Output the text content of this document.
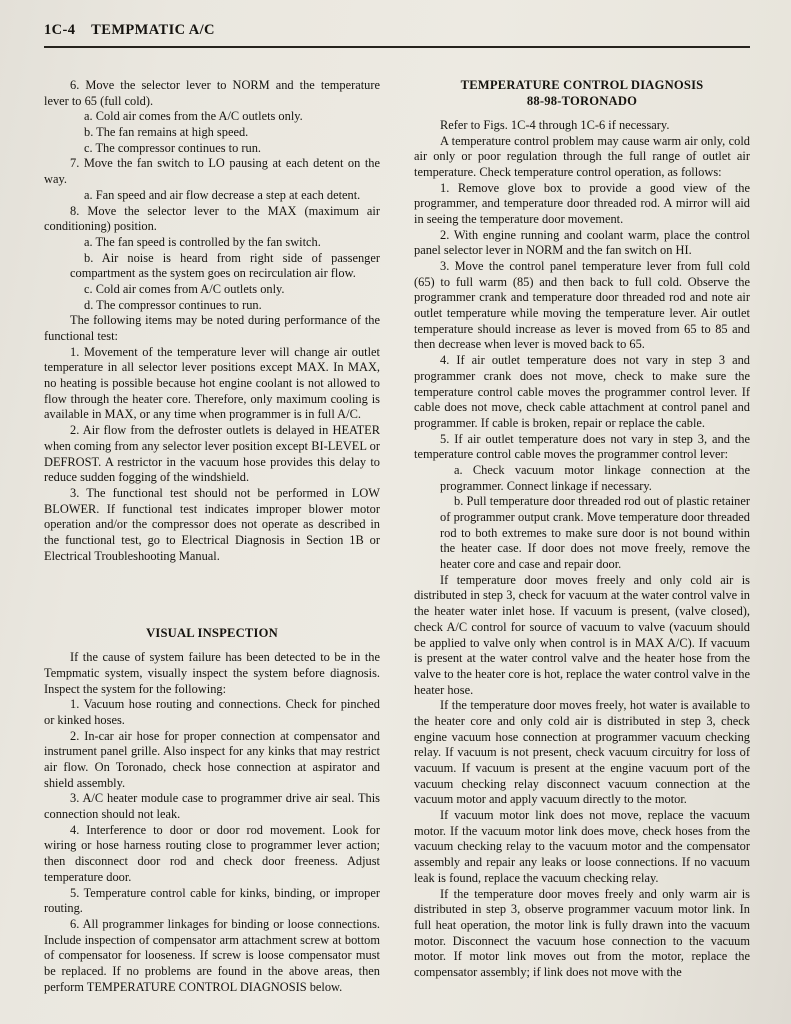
1C-4 TEMPMATIC A/C

6. Move the selector lever to NORM and the temperature lever to 65 (full cold).

a. Cold air comes from the A/C outlets only.

b. The fan remains at high speed.

c. The compressor continues to run.

7. Move the fan switch to LO pausing at each detent on the way.

a. Fan speed and air flow decrease a step at each detent.

8. Move the selector lever to the MAX (maximum air conditioning) position.

a. The fan speed is controlled by the fan switch.

b. Air noise is heard from right side of passenger compartment as the system goes on recirculation air flow.

c. Cold air comes from A/C outlets only.

d. The compressor continues to run.

The following items may be noted during performance of the functional test:

1. Movement of the temperature lever will change air outlet temperature in all selector lever positions except MAX. In MAX, no heating is possible because hot engine coolant is not allowed to flow through the heater core. Therefore, only maximum cooling is available in MAX, or any time when programmer is in full A/C.

2. Air flow from the defroster outlets is delayed in HEATER when coming from any selector lever position except BI-LEVEL or DEFROST. A restrictor in the vacuum hose provides this delay to reduce sudden fogging of the windshield.

3. The functional test should not be performed in LOW BLOWER. If functional test indicates improper blower motor operation and/or the compressor does not operate as described in the functional test, go to Electrical Diagnosis in Section 1B or Electrical Troubleshooting Manual.

VISUAL INSPECTION

If the cause of system failure has been detected to be in the Tempmatic system, visually inspect the system before diagnosis. Inspect the system for the following:

1. Vacuum hose routing and connections. Check for pinched or kinked hoses.

2. In-car air hose for proper connection at compensator and instrument panel grille. Also inspect for any kinks that may restrict air flow. On Toronado, check hose connection at aspirator and shield assembly.

3. A/C heater module case to programmer drive air seal. This connection should not leak.

4. Interference to door or door rod movement. Look for wiring or hose harness routing close to programmer lever action; then disconnect door rod and check door freeness. Adjust temperature door.

5. Temperature control cable for kinks, binding, or improper routing.

6. All programmer linkages for binding or loose connections. Include inspection of compensator arm attachment screw at bottom of compensator for looseness. If screw is loose compensator must be replaced. If no problems are found in the above areas, then perform TEMPERATURE CONTROL DIAGNOSIS below.

TEMPERATURE CONTROL DIAGNOSIS

88-98-TORONADO

Refer to Figs. 1C-4 through 1C-6 if necessary.

A temperature control problem may cause warm air only, cold air only or poor regulation through the full range of outlet air temperature. Check temperature control operation, as follows:

1. Remove glove box to provide a good view of the programmer, and temperature door threaded rod. A mirror will aid in seeing the temperature door movement.

2. With engine running and coolant warm, place the control panel selector lever in NORM and the fan switch on HI.

3. Move the control panel temperature lever from full cold (65) to full warm (85) and then back to full cold. Observe the programmer crank and temperature door threaded rod and note air outlet temperature while moving the temperature lever. Air outlet temperature should increase as lever is moved from 65 to 85 and then decrease when lever is moved back to 65.

4. If air outlet temperature does not vary in step 3 and programmer crank does not move, check to make sure the temperature control cable moves the programmer control lever. If cable does not move, check cable attachment at control panel and programmer. If cable is broken, repair or replace the cable.

5. If air outlet temperature does not vary in step 3, and the temperature control cable moves the programmer control lever:

a. Check vacuum motor linkage connection at the programmer. Connect linkage if necessary.

b. Pull temperature door threaded rod out of plastic retainer of programmer output crank. Move temperature door threaded rod to both extremes to make sure door is not bound within the heater case. If door does not move freely, remove the heater core and case and repair door.

If temperature door moves freely and only cold air is distributed in step 3, check for vacuum at the water control valve in the heater water inlet hose. If vacuum is present, (valve closed), check A/C control for source of vacuum to valve (vacuum should be applied to valve only when control is in MAX A/C). If vacuum is present at the water control valve and the heater hose from the valve to the heater core is hot, replace the water control valve in the heater hose.

If the temperature door moves freely, hot water is available to the heater core and only cold air is distributed in step 3, check engine vacuum hose connection at programmer vacuum checking relay. If vacuum is not present, check vacuum circuitry for loss of vacuum. If vacuum is present at the engine vacuum port of the vacuum checking relay disconnect vacuum connection at the vacuum motor and apply vacuum directly to the motor.

If vacuum motor link does not move, replace the vacuum motor. If the vacuum motor link does move, check hoses from the vacuum checking relay to the vacuum motor and the compensator assembly and repair any leaks or loose connections. If no vacuum leak is found, replace the vacuum checking relay.

If the temperature door moves freely and only warm air is distributed in step 3, observe programmer vacuum motor link. In full heat operation, the motor link is fully drawn into the vacuum motor. Disconnect the vacuum hose connection to the vacuum motor. If motor link moves out from the motor, replace the compensator assembly; if link does not move with the
